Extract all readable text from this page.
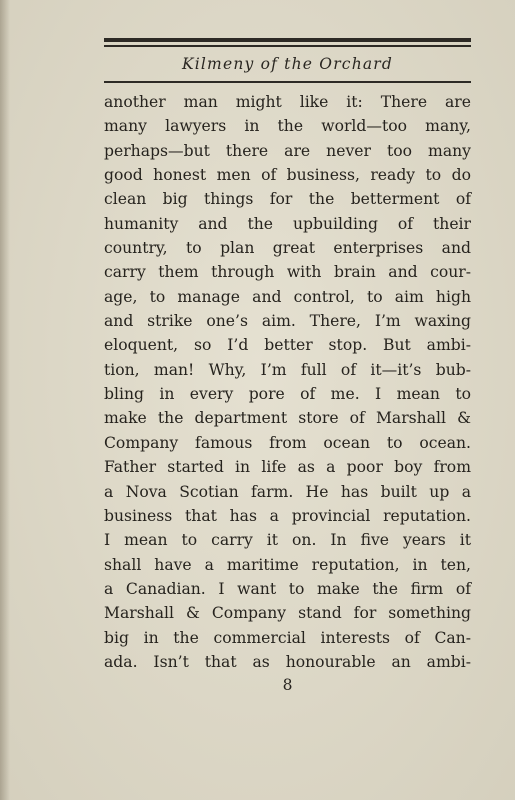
Kilmeny of the Orchard
another man might like it: There are
many lawyers in the world—too many,
perhaps—but there are never too many
good honest men of business, ready to do
clean big things for the betterment of
humanity and the upbuilding of their
country, to plan great enterprises and
carry them through with brain and cour-
age, to manage and control, to aim high
and strike one’s aim. There, I’m waxing
eloquent, so I’d better stop. But ambi-
tion, man! Why, I’m full of it—it’s bub-
bling in every pore of me. I mean to
make the department store of Marshall &
Company famous from ocean to ocean.
Father started in life as a poor boy from
a Nova Scotian farm. He has built up a
business that has a provincial reputation.
I mean to carry it on. In five years it
shall have a maritime reputation, in ten,
a Canadian. I want to make the firm of
Marshall & Company stand for something
big in the commercial interests of Can-
ada. Isn’t that as honourable an ambi-
8
